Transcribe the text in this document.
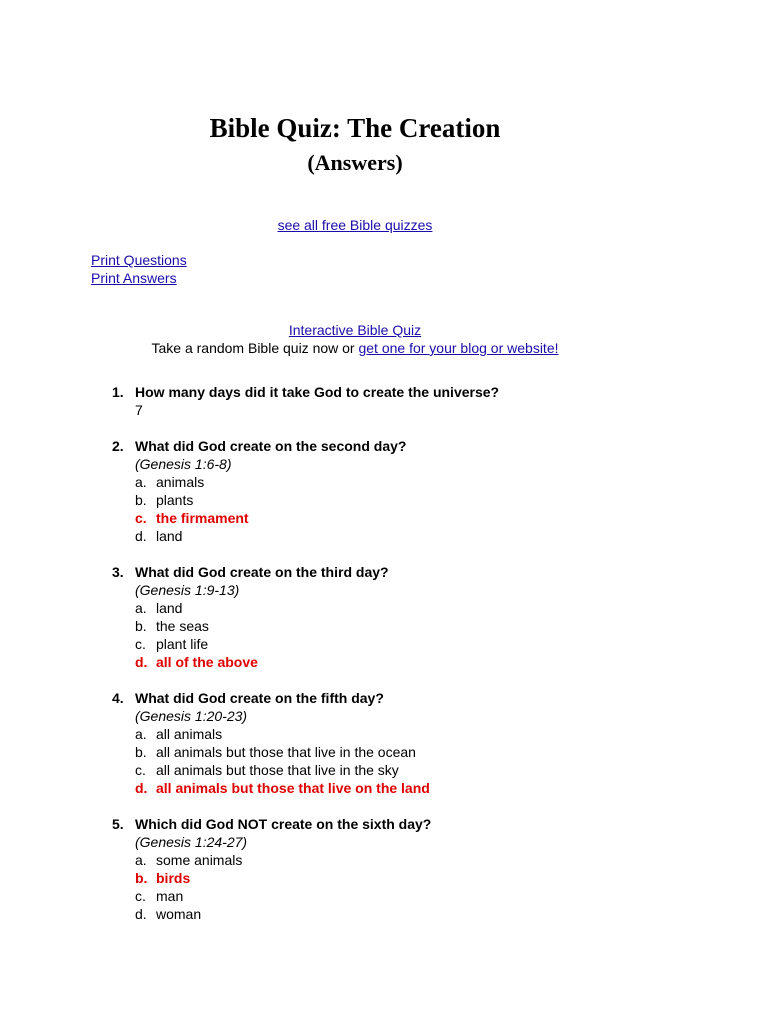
Bible Quiz: The Creation
(Answers)
see all free Bible quizzes
Print Questions
Print Answers
Interactive Bible Quiz
Take a random Bible quiz now or get one for your blog or website!
1. How many days did it take God to create the universe?
7
2. What did God create on the second day?
(Genesis 1:6-8)
a. animals
b. plants
c. the firmament
d. land
3. What did God create on the third day?
(Genesis 1:9-13)
a. land
b. the seas
c. plant life
d. all of the above
4. What did God create on the fifth day?
(Genesis 1:20-23)
a. all animals
b. all animals but those that live in the ocean
c. all animals but those that live in the sky
d. all animals but those that live on the land
5. Which did God NOT create on the sixth day?
(Genesis 1:24-27)
a. some animals
b. birds
c. man
d. woman
